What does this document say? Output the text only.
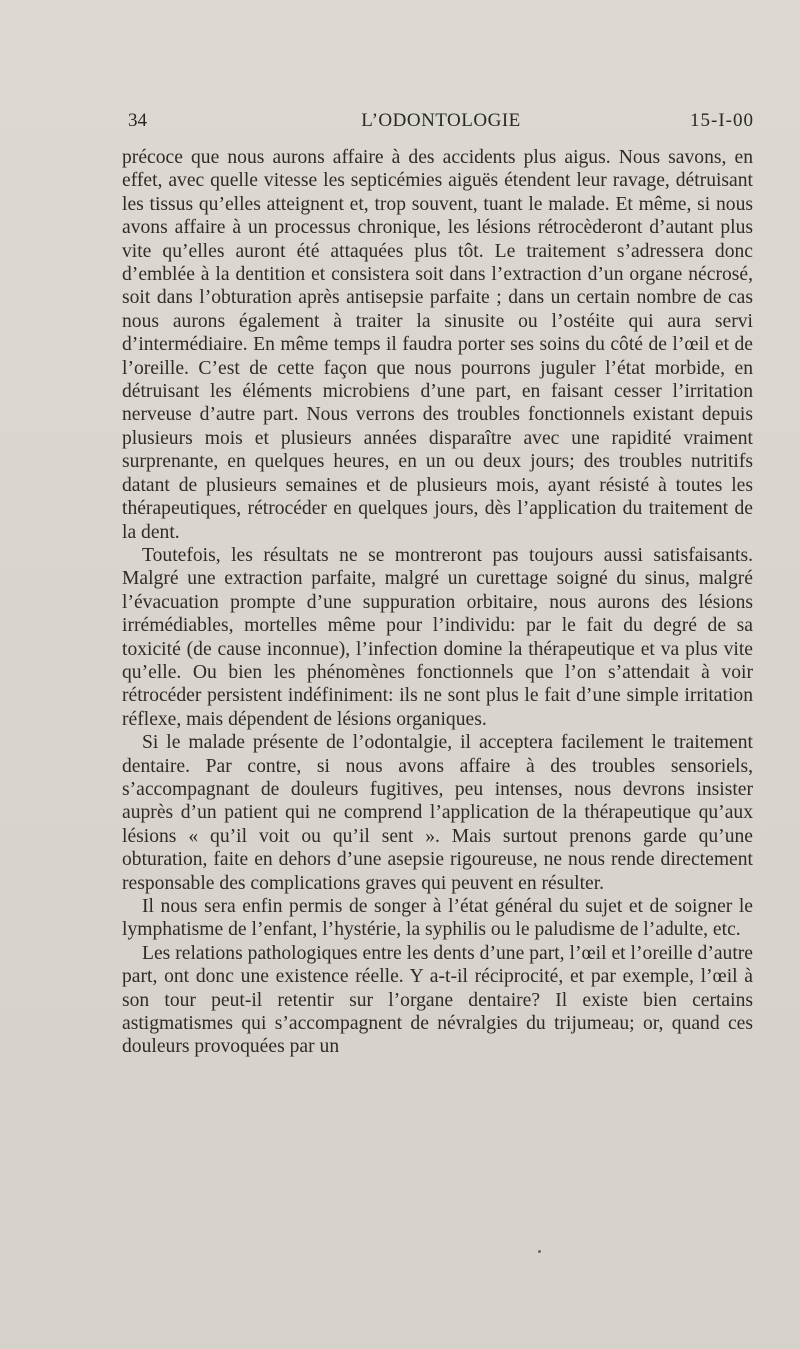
34	L’ODONTOLOGIE	15-I-00

précoce que nous aurons affaire à des accidents plus aigus. Nous savons, en effet, avec quelle vitesse les septicémies aiguës étendent leur ravage, détruisant les tissus qu’elles atteignent et, trop souvent, tuant le malade. Et même, si nous avons affaire à un processus chronique, les lésions rétrocèderont d’autant plus vite qu’elles auront été attaquées plus tôt. Le traitement s’adressera donc d’emblée à la dentition et consistera soit dans l’extraction d’un organe nécrosé, soit dans l’obturation après antisepsie parfaite ; dans un certain nombre de cas nous aurons également à traiter la sinusite ou l’ostéite qui aura servi d’intermédiaire. En même temps il faudra porter ses soins du côté de l’œil et de l’oreille. C’est de cette façon que nous pourrons juguler l’état morbide, en détruisant les éléments microbiens d’une part, en faisant cesser l’irritation nerveuse d’autre part. Nous verrons des troubles fonctionnels existant depuis plusieurs mois et plusieurs années disparaître avec une rapidité vraiment surprenante, en quelques heures, en un ou deux jours; des troubles nutritifs datant de plusieurs semaines et de plusieurs mois, ayant résisté à toutes les thérapeutiques, rétrocéder en quelques jours, dès l’application du traitement de la dent.

Toutefois, les résultats ne se montreront pas toujours aussi satisfaisants. Malgré une extraction parfaite, malgré un curettage soigné du sinus, malgré l’évacuation prompte d’une suppuration orbitaire, nous aurons des lésions irrémédiables, mortelles même pour l’individu: par le fait du degré de sa toxicité (de cause inconnue), l’infection domine la thérapeutique et va plus vite qu’elle. Ou bien les phénomènes fonctionnels que l’on s’attendait à voir rétrocéder persistent indéfiniment: ils ne sont plus le fait d’une simple irritation réflexe, mais dépendent de lésions organiques.

Si le malade présente de l’odontalgie, il acceptera facilement le traitement dentaire. Par contre, si nous avons affaire à des troubles sensoriels, s’accompagnant de douleurs fugitives, peu intenses, nous devrons insister auprès d’un patient qui ne comprend l’application de la thérapeutique qu’aux lésions « qu’il voit ou qu’il sent ». Mais surtout prenons garde qu’une obturation, faite en dehors d’une asepsie rigoureuse, ne nous rende directement responsable des complications graves qui peuvent en résulter.

Il nous sera enfin permis de songer à l’état général du sujet et de soigner le lymphatisme de l’enfant, l’hystérie, la syphilis ou le paludisme de l’adulte, etc.

Les relations pathologiques entre les dents d’une part, l’œil et l’oreille d’autre part, ont donc une existence réelle. Y a-t-il réciprocité, et par exemple, l’œil à son tour peut-il retentir sur l’organe dentaire? Il existe bien certains astigmatismes qui s’accompagnent de névralgies du trijumeau; or, quand ces douleurs provoquées par un
